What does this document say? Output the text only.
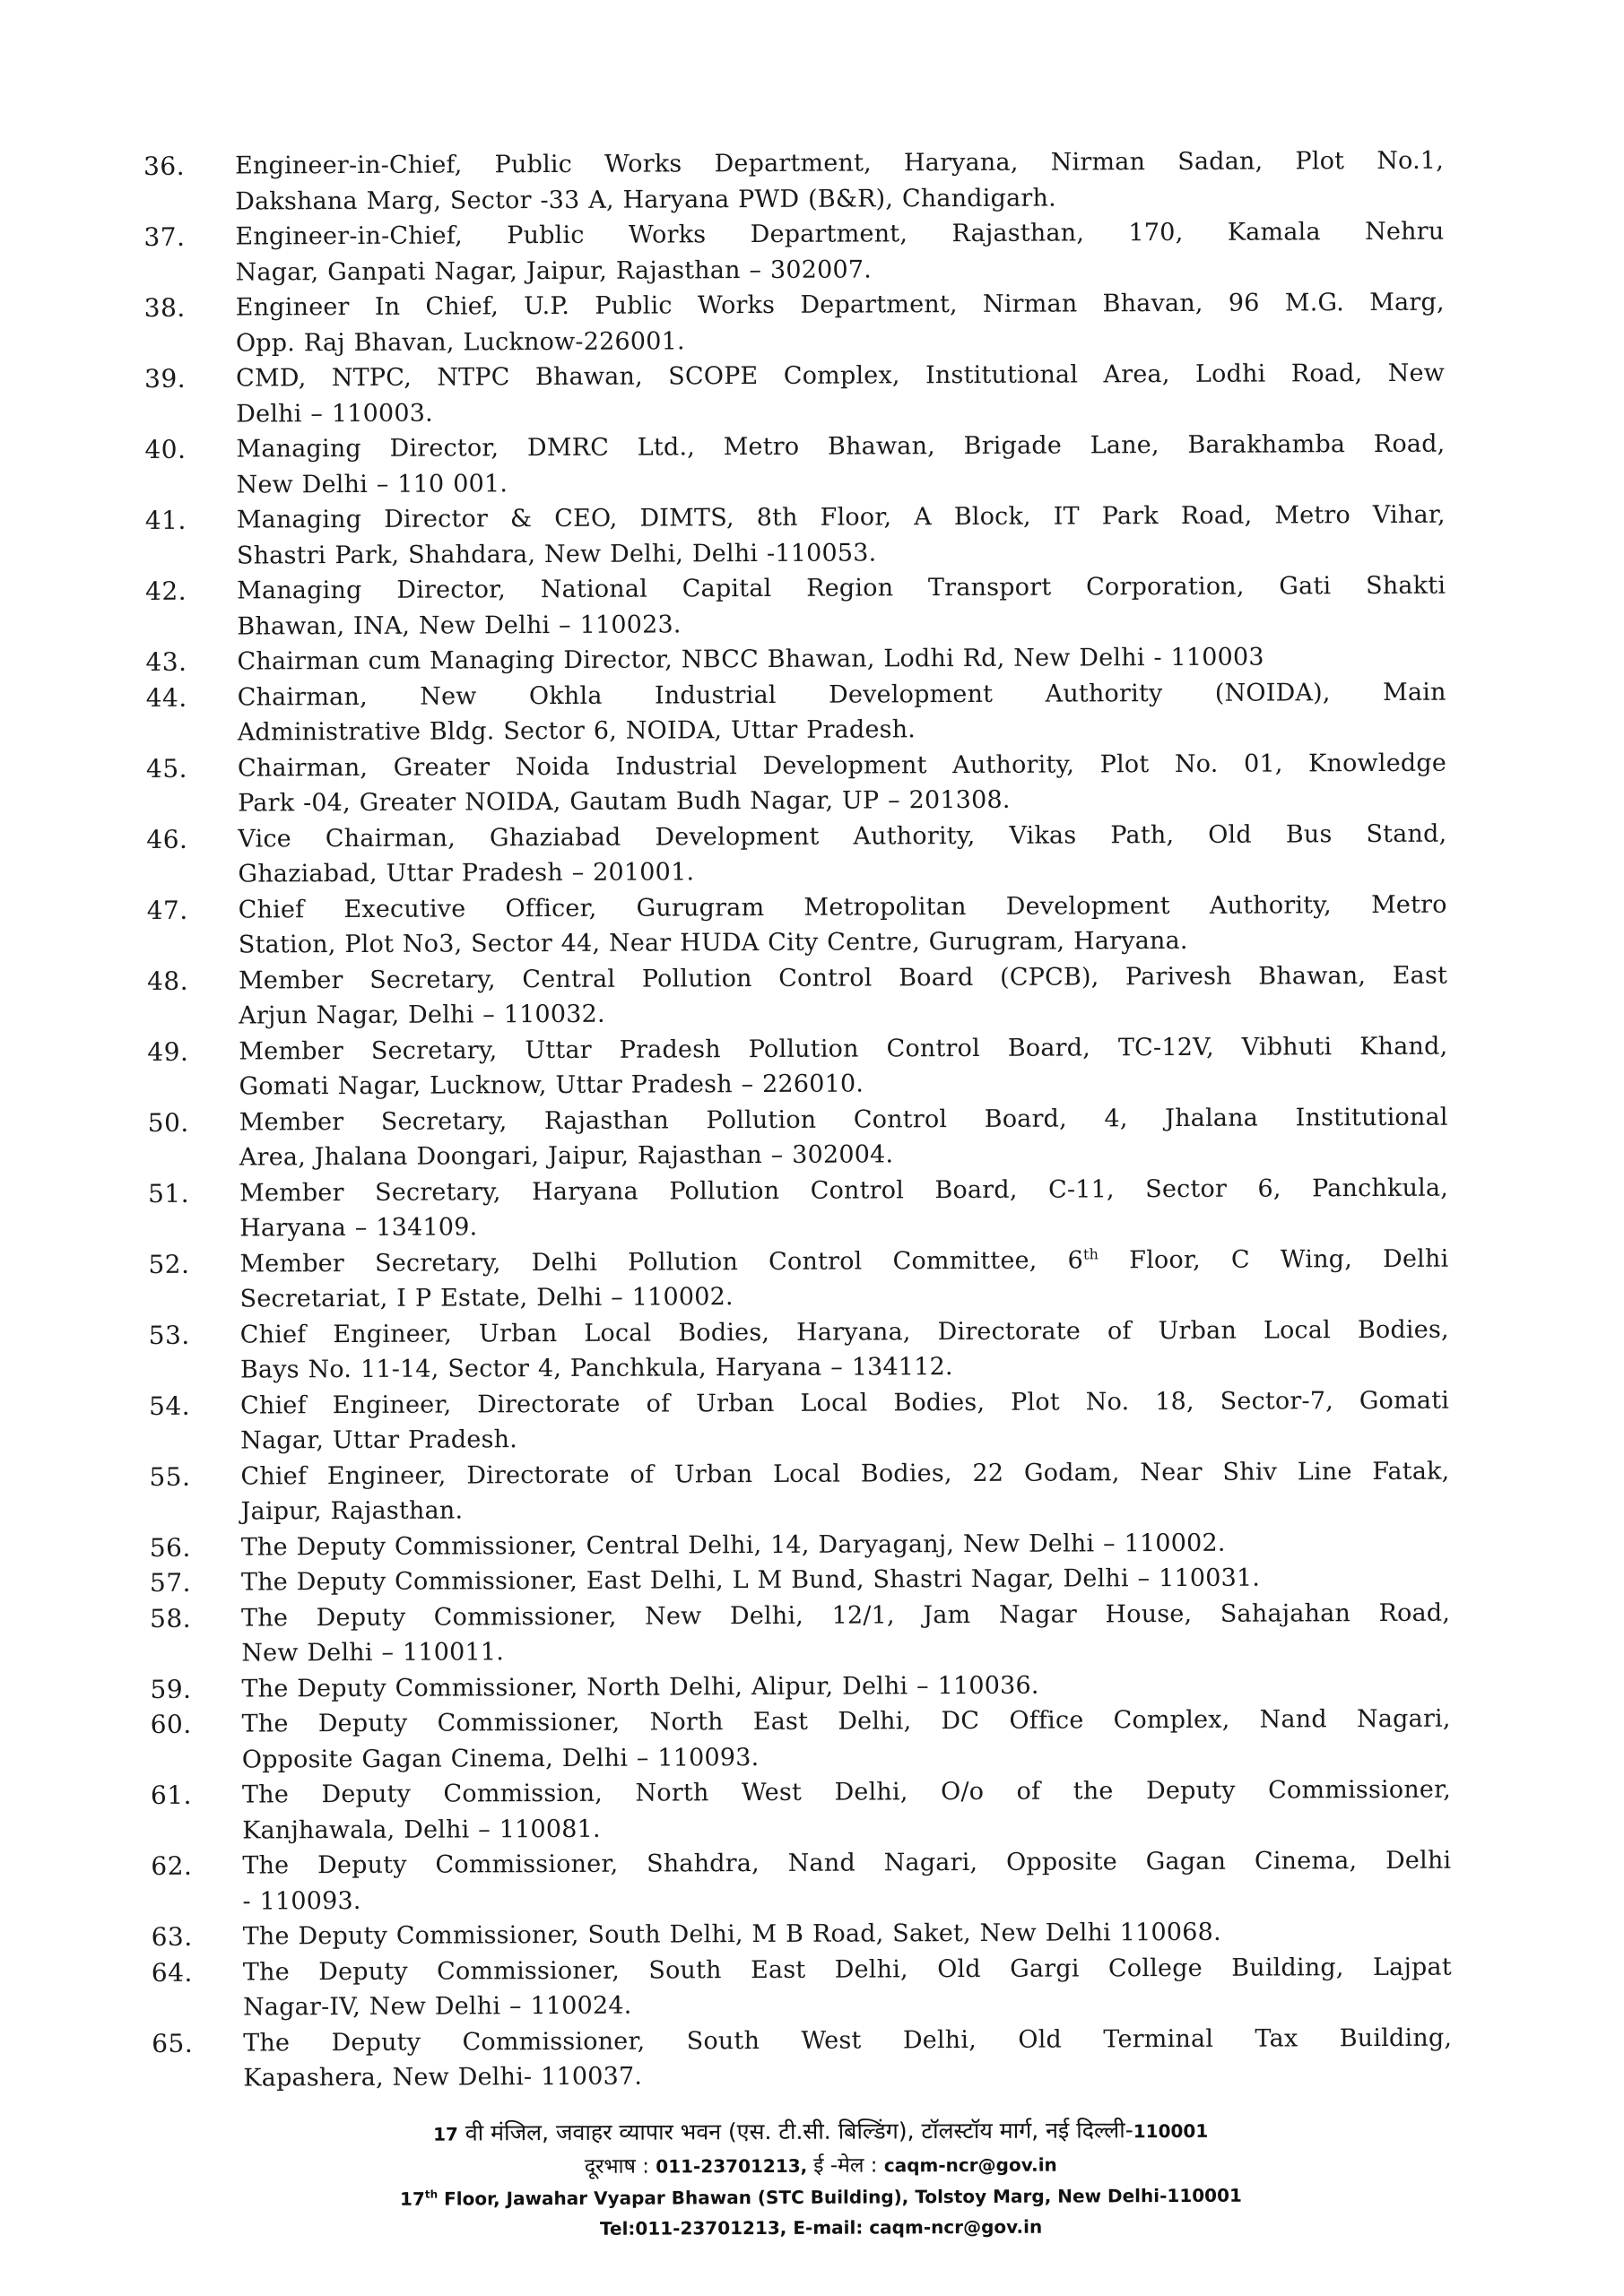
36.	Engineer-in-Chief, Public Works Department, Haryana, Nirman Sadan, Plot No.1,
Dakshana Marg, Sector -33 A, Haryana PWD (B&R), Chandigarh.
37.	Engineer-in-Chief, Public Works Department, Rajasthan, 170, Kamala Nehru
Nagar, Ganpati Nagar, Jaipur, Rajasthan – 302007.
38.	Engineer In Chief, U.P. Public Works Department, Nirman Bhavan, 96 M.G. Marg,
Opp. Raj Bhavan, Lucknow-226001.
39.	CMD, NTPC, NTPC Bhawan, SCOPE Complex, Institutional Area, Lodhi Road, New
Delhi – 110003.
40.	Managing Director, DMRC Ltd., Metro Bhawan, Brigade Lane, Barakhamba Road,
New Delhi – 110 001.
41.	Managing Director & CEO, DIMTS, 8th Floor, A Block, IT Park Road, Metro Vihar,
Shastri Park, Shahdara, New Delhi, Delhi -110053.
42.	Managing Director, National Capital Region Transport Corporation, Gati Shakti
Bhawan, INA, New Delhi – 110023.
43.	Chairman cum Managing Director, NBCC Bhawan, Lodhi Rd, New Delhi - 110003
44.	Chairman, New Okhla Industrial Development Authority (NOIDA), Main
Administrative Bldg. Sector 6, NOIDA, Uttar Pradesh.
45.	Chairman, Greater Noida Industrial Development Authority, Plot No. 01, Knowledge
Park -04, Greater NOIDA, Gautam Budh Nagar, UP – 201308.
46.	Vice Chairman, Ghaziabad Development Authority, Vikas Path, Old Bus Stand,
Ghaziabad, Uttar Pradesh – 201001.
47.	Chief Executive Officer, Gurugram Metropolitan Development Authority, Metro
Station, Plot No3, Sector 44, Near HUDA City Centre, Gurugram, Haryana.
48.	Member Secretary, Central Pollution Control Board (CPCB), Parivesh Bhawan, East
Arjun Nagar, Delhi – 110032.
49.	Member Secretary, Uttar Pradesh Pollution Control Board, TC-12V, Vibhuti Khand,
Gomati Nagar, Lucknow, Uttar Pradesh – 226010.
50.	Member Secretary, Rajasthan Pollution Control Board, 4, Jhalana Institutional
Area, Jhalana Doongari, Jaipur, Rajasthan – 302004.
51.	Member Secretary, Haryana Pollution Control Board, C-11, Sector 6, Panchkula,
Haryana – 134109.
52.	Member Secretary, Delhi Pollution Control Committee, 6th Floor, C Wing, Delhi
Secretariat, I P Estate, Delhi – 110002.
53.	Chief Engineer, Urban Local Bodies, Haryana, Directorate of Urban Local Bodies,
Bays No. 11-14, Sector 4, Panchkula, Haryana – 134112.
54.	Chief Engineer, Directorate of Urban Local Bodies, Plot No. 18, Sector-7, Gomati
Nagar, Uttar Pradesh.
55.	Chief Engineer, Directorate of Urban Local Bodies, 22 Godam, Near Shiv Line Fatak,
Jaipur, Rajasthan.
56.	The Deputy Commissioner, Central Delhi, 14, Daryaganj, New Delhi – 110002.
57.	The Deputy Commissioner, East Delhi, L M Bund, Shastri Nagar, Delhi – 110031.
58.	The Deputy Commissioner, New Delhi, 12/1, Jam Nagar House, Sahajahan Road,
New Delhi – 110011.
59.	The Deputy Commissioner, North Delhi, Alipur, Delhi – 110036.
60.	The Deputy Commissioner, North East Delhi, DC Office Complex, Nand Nagari,
Opposite Gagan Cinema, Delhi – 110093.
61.	The Deputy Commission, North West Delhi, O/o of the Deputy Commissioner,
Kanjhawala, Delhi – 110081.
62.	The Deputy Commissioner, Shahdra, Nand Nagari, Opposite Gagan Cinema, Delhi
- 110093.
63.	The Deputy Commissioner, South Delhi, M B Road, Saket, New Delhi 110068.
64.	The Deputy Commissioner, South East Delhi, Old Gargi College Building, Lajpat
Nagar-IV, New Delhi – 110024.
65.	The Deputy Commissioner, South West Delhi, Old Terminal Tax Building,
Kapashera, New Delhi- 110037.
17 वी मंजिल, जवाहर व्यापार भवन (एस. टी.सी. बिल्डिंग), टॉलस्टॉय मार्ग, नई दिल्ली-110001
दूरभाष : 011-23701213, ई -मेल : caqm-ncr@gov.in
17th Floor, Jawahar Vyapar Bhawan (STC Building), Tolstoy Marg, New Delhi-110001
Tel:011-23701213, E-mail: caqm-ncr@gov.in
